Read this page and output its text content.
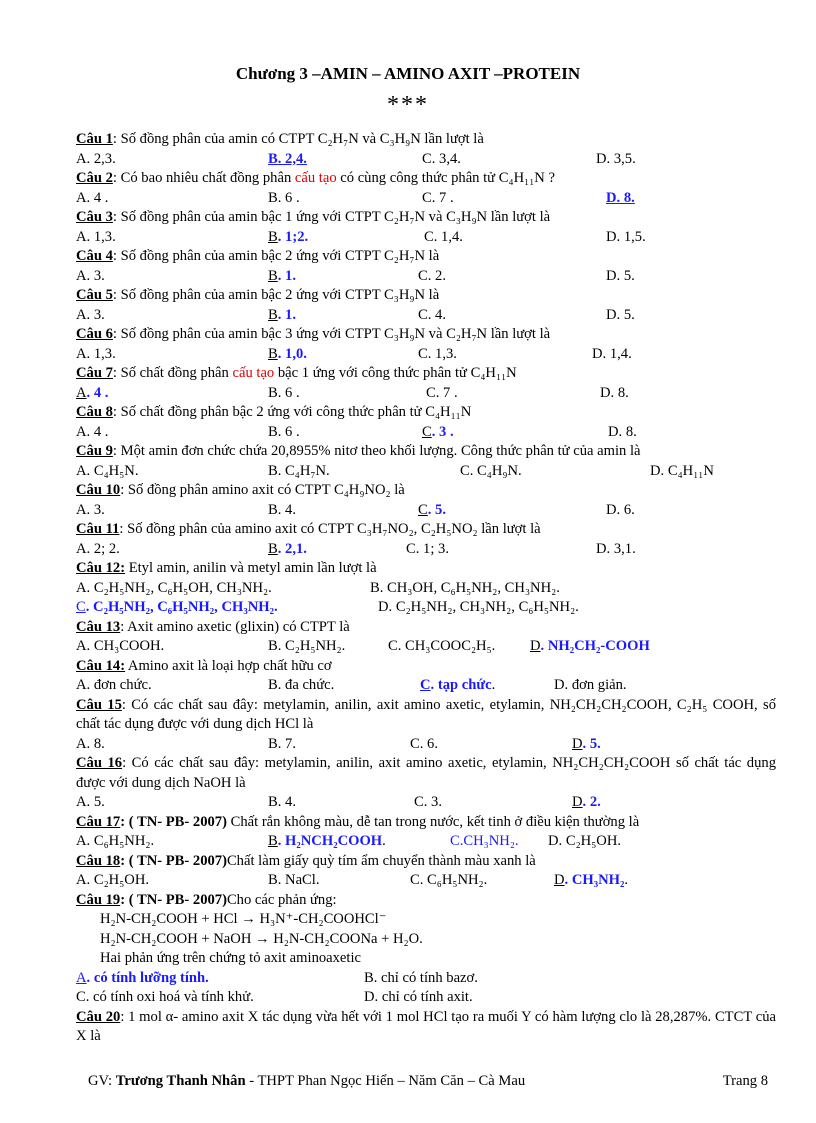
Chương 3 –AMIN – AMINO AXIT –PROTEIN
***
Câu 1: Số đồng phân của amin có CTPT C₂H₇N và C₃H₉N lần lượt là
A. 2,3.	B. 2,4.	C. 3,4.	D. 3,5.
Câu 2: Có bao nhiêu chất đồng phân cấu tạo có cùng công thức phân tử C₄H₁₁N ?
A. 4 .	B. 6 .	C. 7 .	D. 8.
Câu 3: Số đồng phân của amin bậc 1 ứng với CTPT C₂H₇N và C₃H₉N lần lượt là
A. 1,3.	B. 1;2.	C. 1,4.	D. 1,5.
Câu 4: Số đồng phân của amin bậc 2 ứng với CTPT C₂H₇N là
A. 3.	B. 1.	C. 2.	D. 5.
Câu 5: Số đồng phân của amin bậc 2 ứng với CTPT C₃H₉N là
A. 3.	B. 1.	C. 4.	D. 5.
Câu 6: Số đồng phân của amin bậc 3 ứng với CTPT C₃H₉N và C₂H₇N lần lượt là
A. 1,3.	B. 1,0.	C. 1,3.	D. 1,4.
Câu 7: Số chất đồng phân cấu tạo bậc 1 ứng với công thức phân tử C₄H₁₁N
A. 4 .	B. 6 .	C. 7 .	D. 8.
Câu 8: Số chất đồng phân bậc 2 ứng với công thức phân tử C₄H₁₁N
A. 4 .	B. 6 .	C. 3 .	D. 8.
Câu 9: Một amin đơn chức chứa 20,8955% nitơ theo khối lượng. Công thức phân tử của amin là
A. C₄H₅N.	B. C₄H₇N.	C. C₄H₉N.	D. C₄H₁₁N
Câu 10: Số đồng phân amino axit có CTPT C₄H₉NO₂ là
A. 3.	B. 4.	C. 5.	D. 6.
Câu 11: Số đồng phân của amino axit có CTPT C₃H₇NO₂, C₂H₅NO₂ lần lượt là
A. 2; 2.	B. 2,1.	C. 1; 3.	D. 3,1.
Câu 12: Etyl amin, anilin và metyl amin lần lượt là
A. C₂H₅NH₂, C₆H₅OH, CH₃NH₂.	B. CH₃OH, C₆H₅NH₂, CH₃NH₂.
C. C₂H₅NH₂, C₆H₅NH₂, CH₃NH₂.	D. C₂H₅NH₂, CH₃NH₂, C₆H₅NH₂.
Câu 13: Axit amino axetic (glixin) có CTPT là
A. CH₃COOH.	B. C₂H₅NH₂.	C. CH₃COOC₂H₅. D. NH₂CH₂-COOH
Câu 14: Amino axit là loại hợp chất hữu cơ
A. đơn chức.	B. đa chức.	C. tạp chức.	D. đơn giản.
Câu 15: Có các chất sau đây: metylamin, anilin, axit amino axetic, etylamin, NH₂CH₂CH₂COOH, C₂H₅ COOH, số chất tác dụng được với dung dịch HCl là
A. 8.	B. 7.	C. 6.	D. 5.
Câu 16: Có các chất sau đây: metylamin, anilin, axit amino axetic, etylamin, NH₂CH₂CH₂COOH số chất tác dụng được với dung dịch NaOH là
A. 5.	B. 4.	C. 3.	D. 2.
Câu 17: ( TN- PB- 2007) Chất rắn không màu, dễ tan trong nước, kết tinh ở điều kiện thường là
A. C₆H₅NH₂.	B. H₂NCH₂COOH.	C.CH₃NH₂. D. C₂H₅OH.
Câu 18: ( TN- PB- 2007)Chất làm giấy quỳ tím ẩm chuyển thành màu xanh là
A. C₂H₅OH.	B. NaCl.	C. C₆H₅NH₂.	D. CH₃NH₂.
Câu 19: ( TN- PB- 2007)Cho các phản ứng:
H₂N-CH₂COOH + HCl → H₃N⁺-CH₂COOHCl⁻
H₂N-CH₂COOH + NaOH → H₂N-CH₂COONa + H₂O.
Hai phản ứng trên chứng tỏ axit aminoaxetic
A. có tính lưỡng tính.	B. chỉ có tính bazơ.
C. có tính oxi hoá và tính khử.	D. chỉ có tính axit.
Câu 20: 1 mol α- amino axit X tác dụng vừa hết với 1 mol HCl tạo ra muối Y có hàm lượng clo là 28,287%. CTCT của X là
GV: Trương Thanh Nhân - THPT Phan Ngọc Hiển – Năm Căn – Cà Mau	Trang 8
